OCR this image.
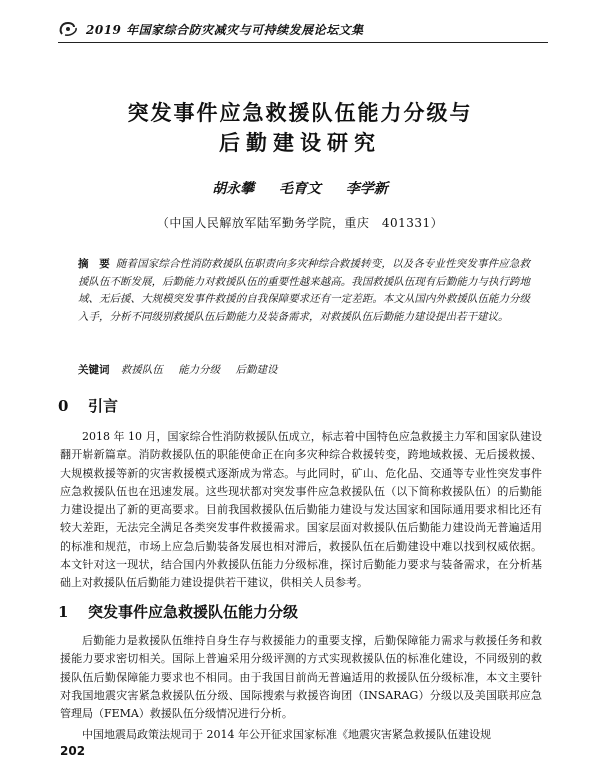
2019 年国家综合防灾减灾与可持续发展论坛文集
突发事件应急救援队伍能力分级与
后勤建设研究
胡永攀 毛育文 李学新
（中国人民解放军陆军勤务学院，重庆　401331）
摘　要 随着国家综合性消防救援队伍职责向多灾种综合救援转变，以及各专业性突发事件应急救援队伍不断发展，后勤能力对救援队伍的重要性越来越高。我国救援队伍现有后勤能力与执行跨地域、无后援、大规模突发事件救援的自我保障要求还有一定差距。本文从国内外救援队伍能力分级入手，分析不同级别救援队伍后勤能力及装备需求，对救援队伍后勤能力建设提出若干建议。
关键词 救援队伍 能力分级 后勤建设
0 引言

2018 年 10 月，国家综合性消防救援队伍成立，标志着中国特色应急救援主力军和国家队建设翻开崭新篇章。消防救援队伍的职能使命正在向多灾种综合救援转变，跨地域救援、无后援救援、大规模救援等新的灾害救援模式逐渐成为常态。与此同时，矿山、危化品、交通等专业性突发事件应急救援队伍也在迅速发展。这些现状都对突发事件应急救援队伍（以下简称救援队伍）的后勤能力建设提出了新的更高要求。目前我国救援队伍后勤能力建设与发达国家和国际通用要求相比还有较大差距，无法完全满足各类突发事件救援需求。国家层面对救援队伍后勤能力建设尚无普遍适用的标准和规范，市场上应急后勤装备发展也相对滞后，救援队伍在后勤建设中难以找到权威依据。本文针对这一现状，结合国内外救援队伍能力分级标准，探讨后勤能力要求与装备需求，在分析基础上对救援队伍后勤能力建设提供若干建议，供相关人员参考。

1 突发事件应急救援队伍能力分级

后勤能力是救援队伍维持自身生存与救援能力的重要支撑，后勤保障能力需求与救援任务和救援能力要求密切相关。国际上普遍采用分级评测的方式实现救援队伍的标准化建设，不同级别的救援队伍后勤保障能力要求也不相同。由于我国目前尚无普遍适用的救援队伍分级标准，本文主要针对我国地震灾害紧急救援队伍分级、国际搜索与救援咨询团（INSARAG）分级以及美国联邦应急管理局（FEMA）救援队伍分级情况进行分析。

中国地震局政策法规司于 2014 年公开征求国家标准《地震灾害紧急救援队伍建设规

202
